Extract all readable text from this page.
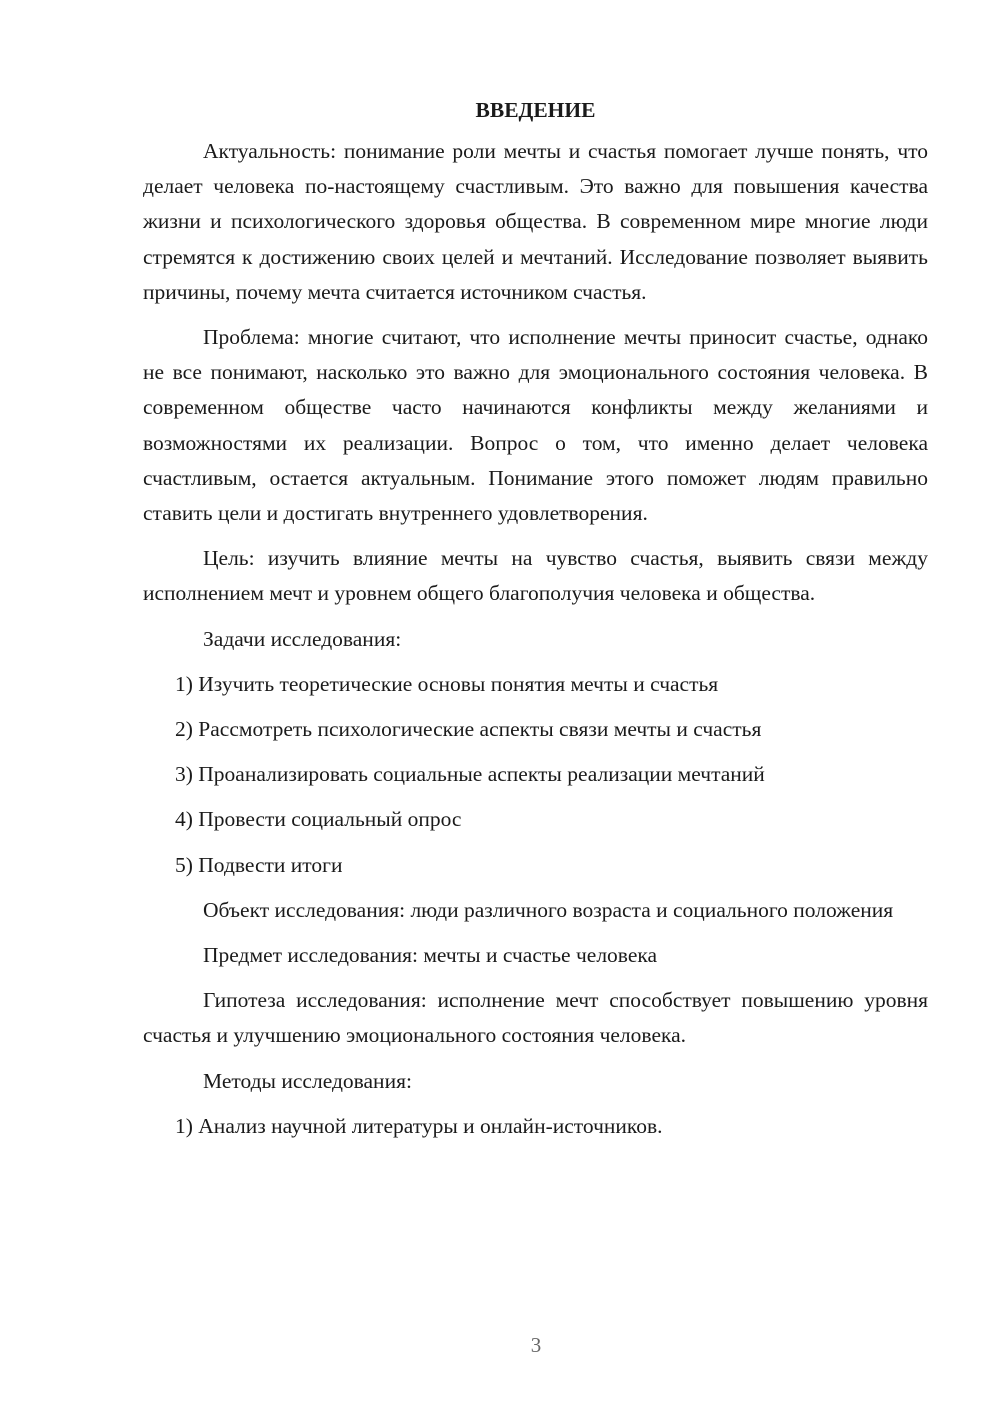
ВВЕДЕНИЕ

Актуальность: понимание роли мечты и счастья помогает лучше понять, что делает человека по-настоящему счастливым. Это важно для повышения качества жизни и психологического здоровья общества. В современном мире многие люди стремятся к достижению своих целей и мечтаний. Исследование позволяет выявить причины, почему мечта считается источником счастья.

Проблема: многие считают, что исполнение мечты приносит счастье, однако не все понимают, насколько это важно для эмоционального состояния человека. В современном обществе часто начинаются конфликты между желаниями и возможностями их реализации. Вопрос о том, что именно делает человека счастливым, остается актуальным. Понимание этого поможет людям правильно ставить цели и достигать внутреннего удовлетворения.

Цель: изучить влияние мечты на чувство счастья, выявить связи между исполнением мечт и уровнем общего благополучия человека и общества.

Задачи исследования:

1) Изучить теоретические основы понятия мечты и счастья

2) Рассмотреть психологические аспекты связи мечты и счастья

3) Проанализировать социальные аспекты реализации мечтаний

4) Провести социальный опрос

5) Подвести итоги

Объект исследования: люди различного возраста и социального положения

Предмет исследования: мечты и счастье человека

Гипотеза исследования: исполнение мечт способствует повышению уровня счастья и улучшению эмоционального состояния человека.

Методы исследования:

1) Анализ научной литературы и онлайн-источников.

3
